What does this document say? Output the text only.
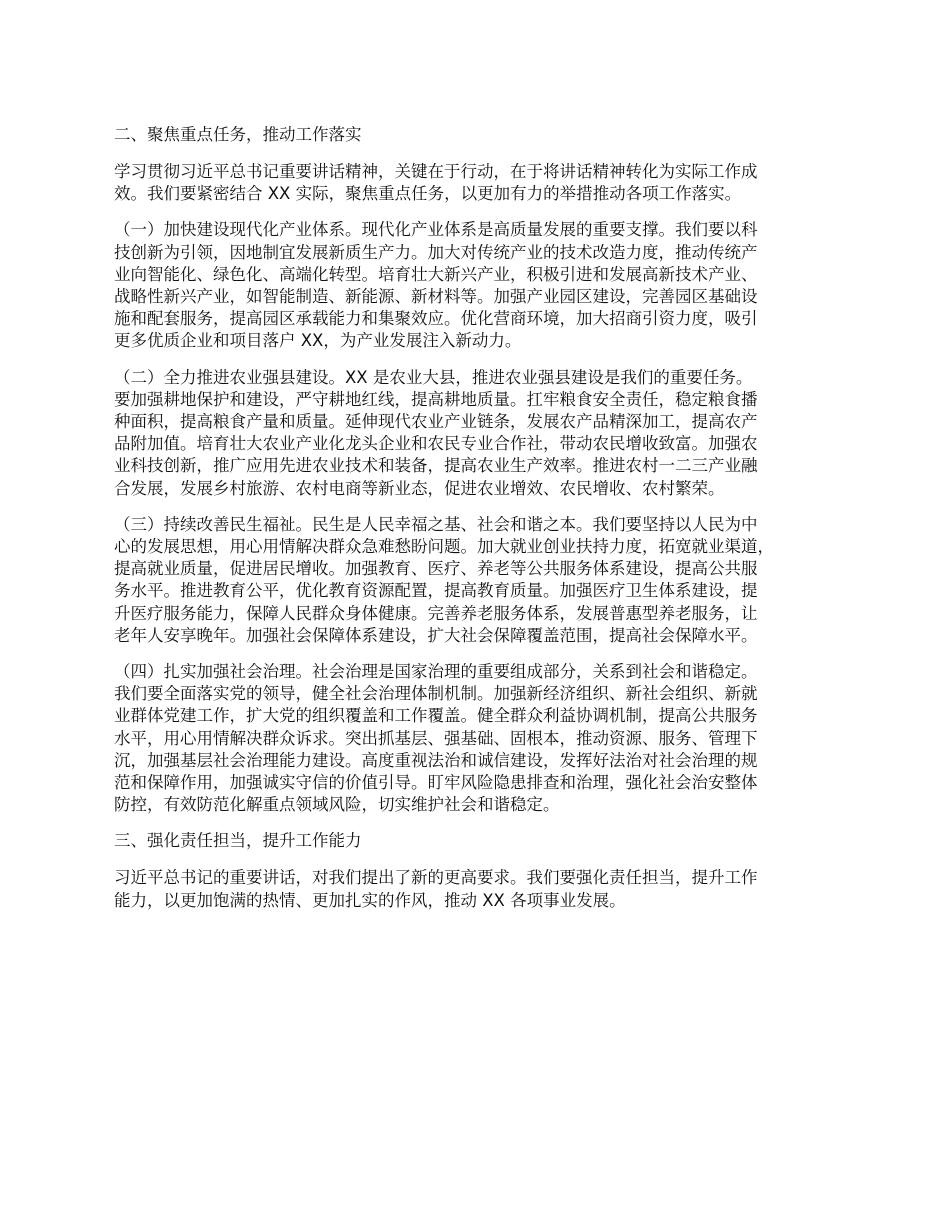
二、聚焦重点任务，推动工作落实
学习贯彻习近平总书记重要讲话精神，关键在于行动，在于将讲话精神转化为实际工作成
效。我们要紧密结合 XX 实际，聚焦重点任务，以更加有力的举措推动各项工作落实。
（一）加快建设现代化产业体系。现代化产业体系是高质量发展的重要支撑。我们要以科
技创新为引领，因地制宜发展新质生产力。加大对传统产业的技术改造力度，推动传统产
业向智能化、绿色化、高端化转型。培育壮大新兴产业，积极引进和发展高新技术产业、
战略性新兴产业，如智能制造、新能源、新材料等。加强产业园区建设，完善园区基础设
施和配套服务，提高园区承载能力和集聚效应。优化营商环境，加大招商引资力度，吸引
更多优质企业和项目落户 XX，为产业发展注入新动力。
（二）全力推进农业强县建设。XX 是农业大县，推进农业强县建设是我们的重要任务。
要加强耕地保护和建设，严守耕地红线，提高耕地质量。扛牢粮食安全责任，稳定粮食播
种面积，提高粮食产量和质量。延伸现代农业产业链条，发展农产品精深加工，提高农产
品附加值。培育壮大农业产业化龙头企业和农民专业合作社，带动农民增收致富。加强农
业科技创新，推广应用先进农业技术和装备，提高农业生产效率。推进农村一二三产业融
合发展，发展乡村旅游、农村电商等新业态，促进农业增效、农民增收、农村繁荣。
（三）持续改善民生福祉。民生是人民幸福之基、社会和谐之本。我们要坚持以人民为中
心的发展思想，用心用情解决群众急难愁盼问题。加大就业创业扶持力度，拓宽就业渠道，
提高就业质量，促进居民增收。加强教育、医疗、养老等公共服务体系建设，提高公共服
务水平。推进教育公平，优化教育资源配置，提高教育质量。加强医疗卫生体系建设，提
升医疗服务能力，保障人民群众身体健康。完善养老服务体系，发展普惠型养老服务，让
老年人安享晚年。加强社会保障体系建设，扩大社会保障覆盖范围，提高社会保障水平。
（四）扎实加强社会治理。社会治理是国家治理的重要组成部分，关系到社会和谐稳定。
我们要全面落实党的领导，健全社会治理体制机制。加强新经济组织、新社会组织、新就
业群体党建工作，扩大党的组织覆盖和工作覆盖。健全群众利益协调机制，提高公共服务
水平，用心用情解决群众诉求。突出抓基层、强基础、固根本，推动资源、服务、管理下
沉，加强基层社会治理能力建设。高度重视法治和诚信建设，发挥好法治对社会治理的规
范和保障作用，加强诚实守信的价值引导。盯牢风险隐患排查和治理，强化社会治安整体
防控，有效防范化解重点领域风险，切实维护社会和谐稳定。
三、强化责任担当，提升工作能力
习近平总书记的重要讲话，对我们提出了新的更高要求。我们要强化责任担当，提升工作
能力，以更加饱满的热情、更加扎实的作风，推动 XX 各项事业发展。
